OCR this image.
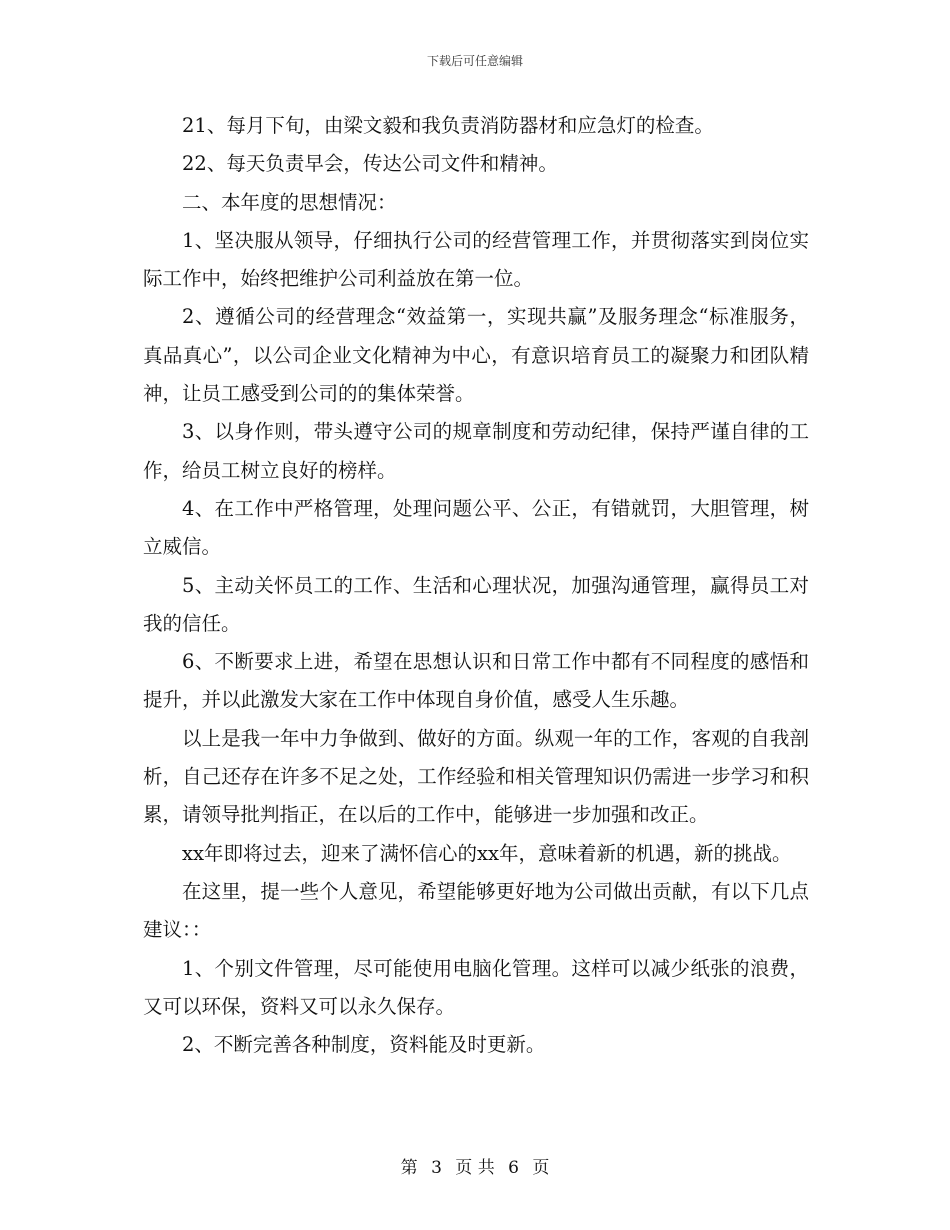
下载后可任意编辑

21、每月下旬，由梁文毅和我负责消防器材和应急灯的检查。

22、每天负责早会，传达公司文件和精神。

二、本年度的思想情况：

1、坚决服从领导，仔细执行公司的经营管理工作，并贯彻落实到岗位实际工作中，始终把维护公司利益放在第一位。

2、遵循公司的经营理念“效益第一，实现共赢”及服务理念“标准服务，真品真心”，以公司企业文化精神为中心，有意识培育员工的凝聚力和团队精神，让员工感受到公司的的集体荣誉。

3、以身作则，带头遵守公司的规章制度和劳动纪律，保持严谨自律的工作，给员工树立良好的榜样。

4、在工作中严格管理，处理问题公平、公正，有错就罚，大胆管理，树立威信。

5、主动关怀员工的工作、生活和心理状况，加强沟通管理，赢得员工对我的信任。

6、不断要求上进，希望在思想认识和日常工作中都有不同程度的感悟和提升，并以此激发大家在工作中体现自身价值，感受人生乐趣。

以上是我一年中力争做到、做好的方面。纵观一年的工作，客观的自我剖析，自己还存在许多不足之处，工作经验和相关管理知识仍需进一步学习和积累，请领导批判指正，在以后的工作中，能够进一步加强和改正。

xx年即将过去，迎来了满怀信心的xx年，意味着新的机遇，新的挑战。

在这里，提一些个人意见，希望能够更好地为公司做出贡献，有以下几点建议：：

1、个别文件管理，尽可能使用电脑化管理。这样可以减少纸张的浪费，又可以环保，资料又可以永久保存。

2、不断完善各种制度，资料能及时更新。

第 3 页 共 6 页
